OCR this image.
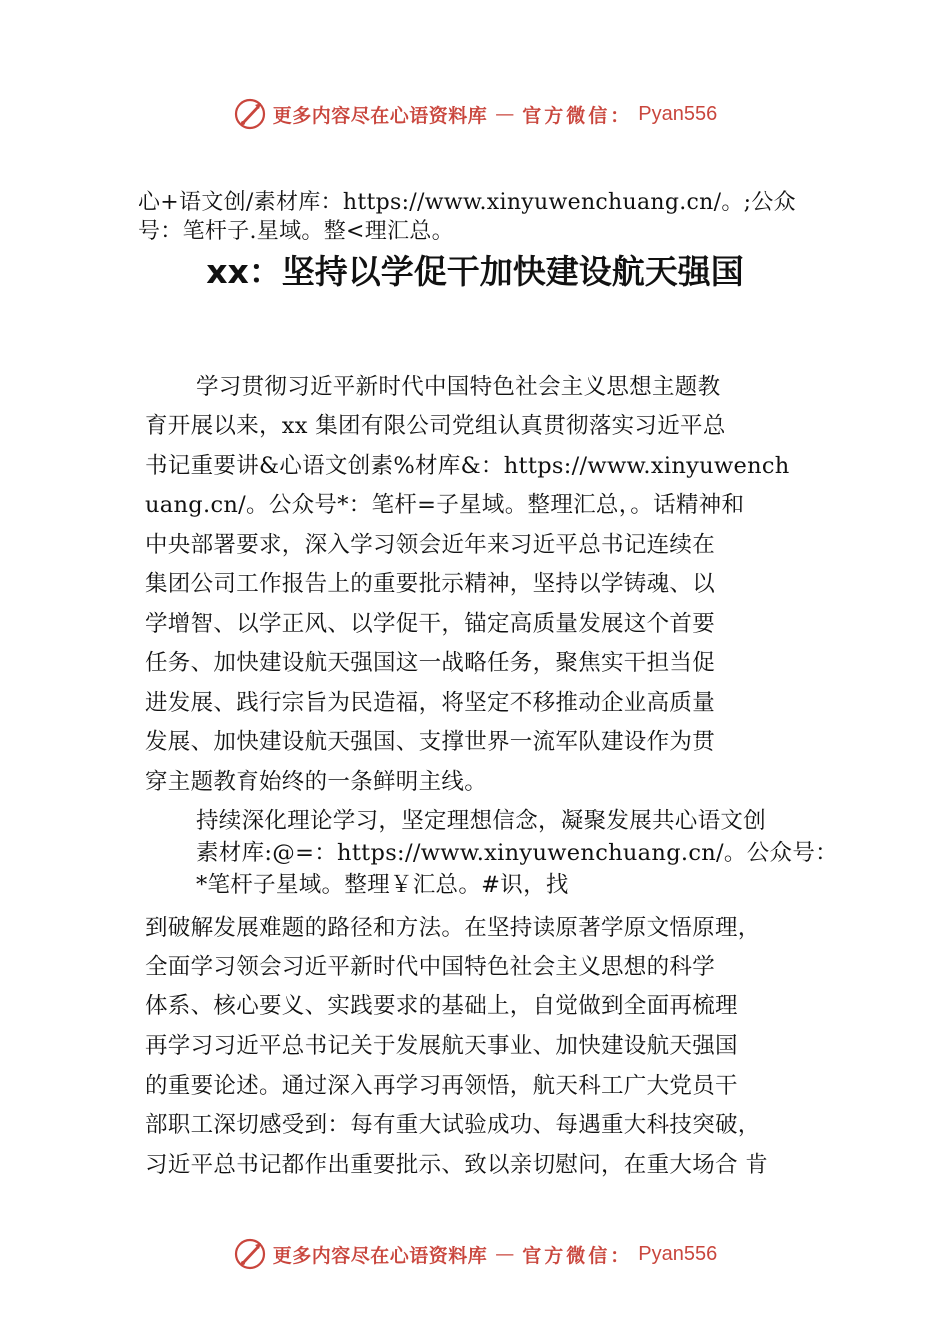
更多内容尽在心语资料库 — 官方微信： Pyan556
心+语文创/素材库：https://www.xinyuwenchuang.cn/。;公众
号：笔杆子.星域。整<理汇总。
xx：坚持以学促干加快建设航天强国
学习贯彻习近平新时代中国特色社会主义思想主题教
育开展以来，xx 集团有限公司党组认真贯彻落实习近平总
书记重要讲&心语文创素%材库&：https://www.xinyuwench
uang.cn/。公众号*：笔杆=子星域。整理汇总，。话精神和
中央部署要求，深入学习领会近年来习近平总书记连续在
集团公司工作报告上的重要批示精神，坚持以学铸魂、以
学增智、以学正风、以学促干，锚定高质量发展这个首要
任务、加快建设航天强国这一战略任务，聚焦实干担当促
进发展、践行宗旨为民造福，将坚定不移推动企业高质量
发展、加快建设航天强国、支撑世界一流军队建设作为贯
穿主题教育始终的一条鲜明主线。
持续深化理论学习，坚定理想信念，凝聚发展共心语文创
素材库:@=：https://www.xinyuwenchuang.cn/。公众号：
*笔杆子星域。整理￥汇总。#识，找
到破解发展难题的路径和方法。在坚持读原著学原文悟原理，
全面学习领会习近平新时代中国特色社会主义思想的科学
体系、核心要义、实践要求的基础上，自觉做到全面再梳理
再学习习近平总书记关于发展航天事业、加快建设航天强国
的重要论述。通过深入再学习再领悟，航天科工广大党员干
部职工深切感受到：每有重大试验成功、每遇重大科技突破，
习近平总书记都作出重要批示、致以亲切慰问，在重大场合 肯
更多内容尽在心语资料库 — 官方微信： Pyan556
